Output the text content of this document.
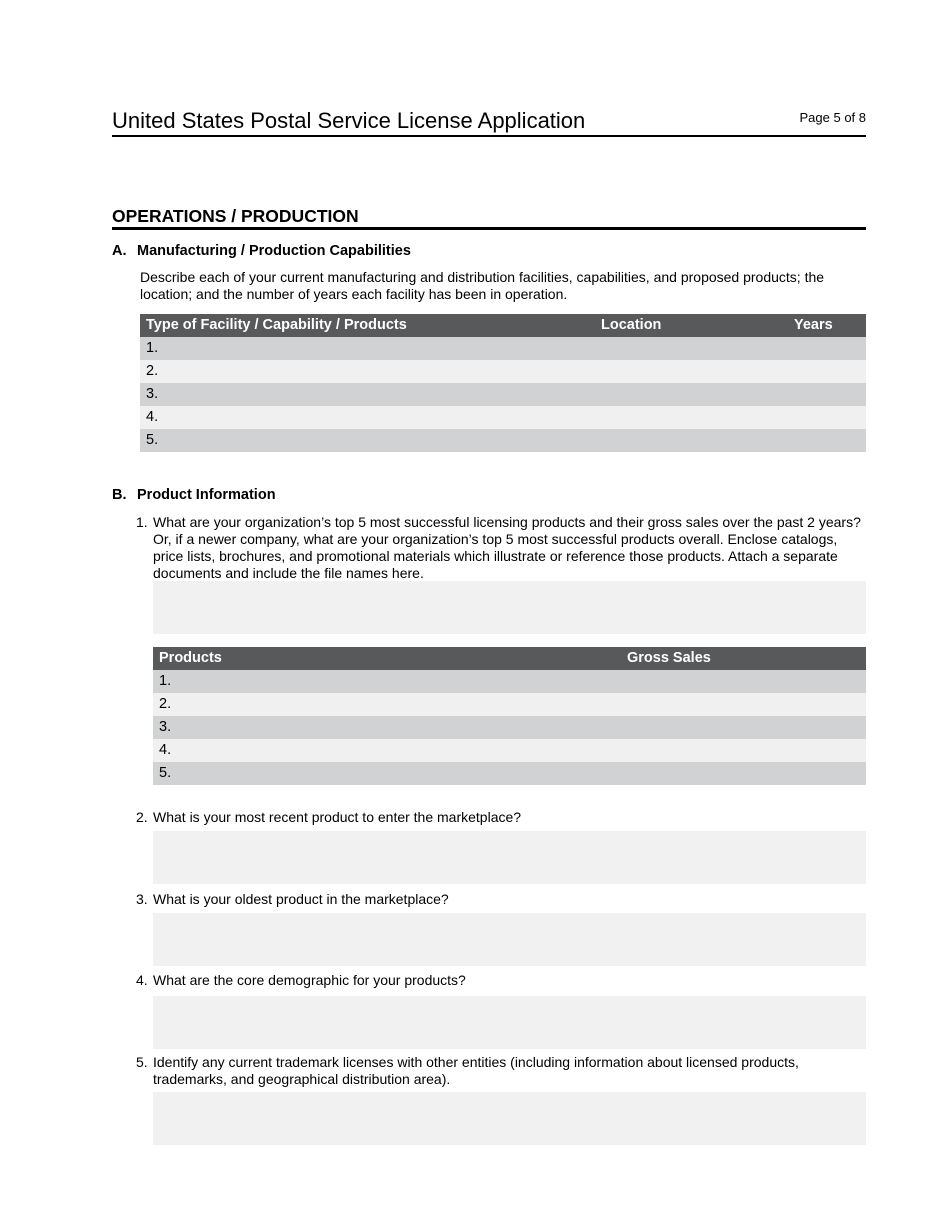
United States Postal Service License Application	Page 5 of 8
OPERATIONS / PRODUCTION
A. Manufacturing / Production Capabilities
Describe each of your current manufacturing and distribution facilities, capabilities, and proposed products; the location; and the number of years each facility has been in operation.
Type of Facility / Capability / Products	Location	Years
1.
2.
3.
4.
5.
B. Product Information
1. What are your organization’s top 5 most successful licensing products and their gross sales over the past 2 years? Or, if a newer company, what are your organization’s top 5 most successful products overall. Enclose catalogs, price lists, brochures, and promotional materials which illustrate or reference those products. Attach a separate documents and include the file names here.
Products	Gross Sales
1.
2.
3.
4.
5.
2. What is your most recent product to enter the marketplace?
3. What is your oldest product in the marketplace?
4. What are the core demographic for your products?
5. Identify any current trademark licenses with other entities (including information about licensed products, trademarks, and geographical distribution area).
